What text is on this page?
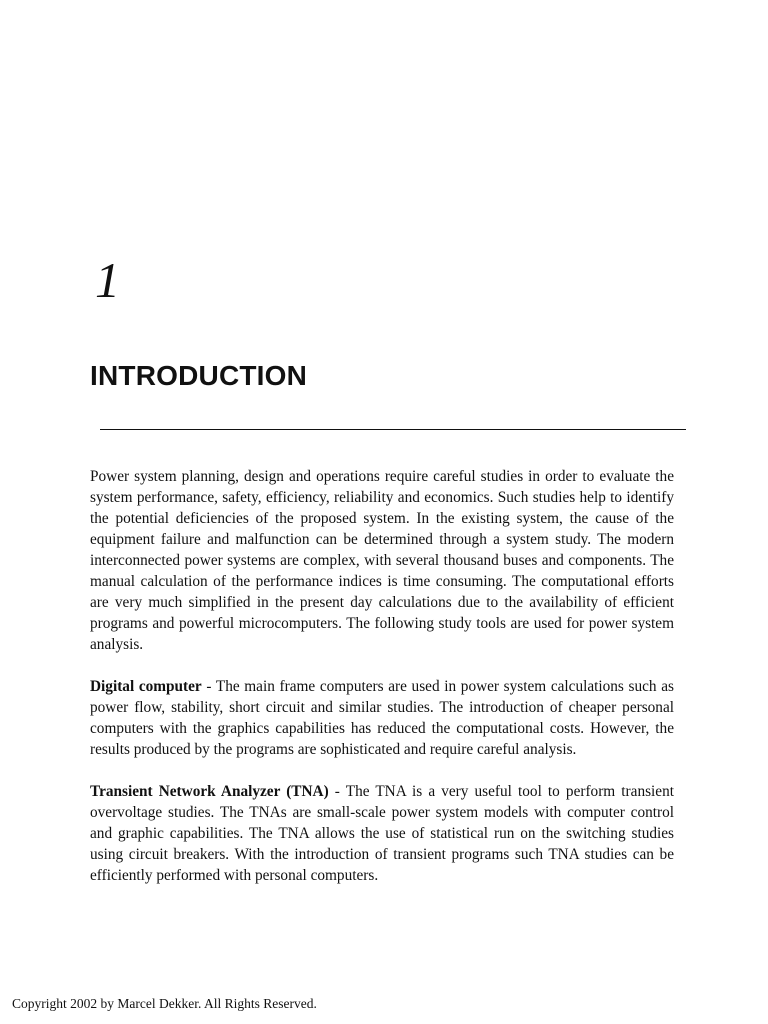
1
INTRODUCTION

Power system planning, design and operations require careful studies in order to evaluate the system performance, safety, efficiency, reliability and economics. Such studies help to identify the potential deficiencies of the proposed system. In the existing system, the cause of the equipment failure and malfunction can be determined through a system study. The modern interconnected power systems are complex, with several thousand buses and components. The manual calculation of the performance indices is time consuming. The computational efforts are very much simplified in the present day calculations due to the availability of efficient programs and powerful microcomputers. The following study tools are used for power system analysis.

Digital computer - The main frame computers are used in power system calculations such as power flow, stability, short circuit and similar studies. The introduction of cheaper personal computers with the graphics capabilities has reduced the computational costs. However, the results produced by the programs are sophisticated and require careful analysis.

Transient Network Analyzer (TNA) - The TNA is a very useful tool to perform transient overvoltage studies. The TNAs are small-scale power system models with computer control and graphic capabilities. The TNA allows the use of statistical run on the switching studies using circuit breakers. With the introduction of transient programs such TNA studies can be efficiently performed with personal computers.

Copyright 2002 by Marcel Dekker. All Rights Reserved.
